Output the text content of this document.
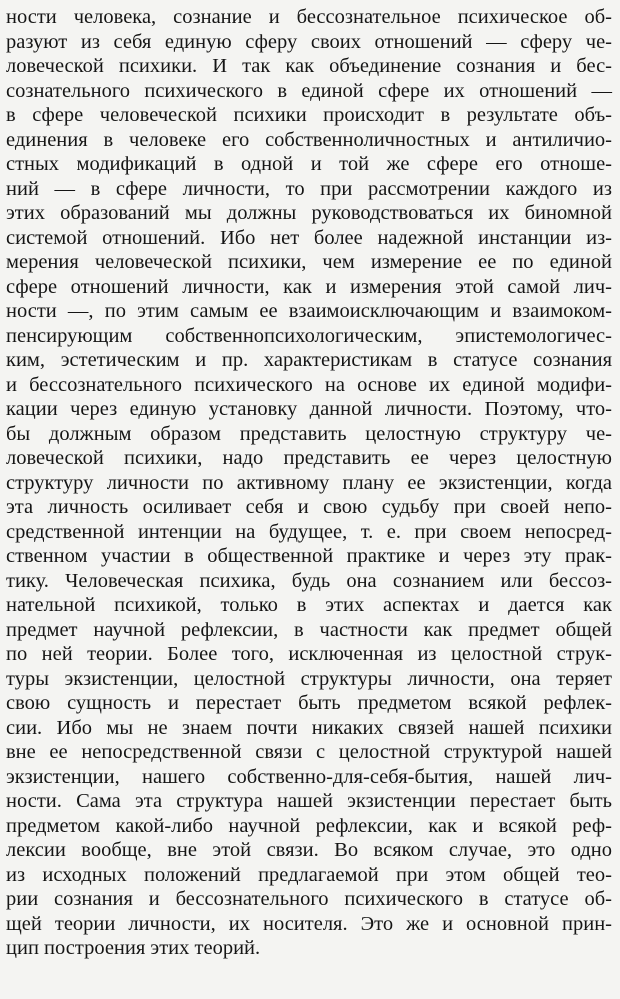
ности человека, сознание и бессознательное психическое об-
разуют из себя единую сферу своих отношений — сферу че-
ловеческой психики. И так как объединение сознания и бес-
сознательного психического в единой сфере их отношений —
в сфере человеческой психики происходит в результате объ-
единения в человеке его собственноличностных и антиличио-
стных модификаций в одной и той же сфере его отноше-
ний — в сфере личности, то при рассмотрении каждого из
этих образований мы должны руководствоваться их биномной
системой отношений. Ибо нет более надежной инстанции из-
мерения человеческой психики, чем измерение ее по единой
сфере отношений личности, как и измерения этой самой лич-
ности —, по этим самым ее взаимоисключающим и взаимоком-
пенсирующим собственнопсихологическим, эпистемологичес-
ким, эстетическим и пр. характеристикам в статусе сознания
и бессознательного психического на основе их единой модифи-
кации через единую установку данной личности. Поэтому, что-
бы должным образом представить целостную структуру че-
ловеческой психики, надо представить ее через целостную
структуру личности по активному плану ее экзистенции, когда
эта личность осиливает себя и свою судьбу при своей непо-
средственной интенции на будущее, т. е. при своем непосред-
ственном участии в общественной практике и через эту прак-
тику. Человеческая психика, будь она сознанием или бессоз-
нательной психикой, только в этих аспектах и дается как
предмет научной рефлексии, в частности как предмет общей
по ней теории. Более того, исключенная из целостной струк-
туры экзистенции, целостной структуры личности, она теряет
свою сущность и перестает быть предметом всякой рефлек-
сии. Ибо мы не знаем почти никаких связей нашей психики
вне ее непосредственной связи с целостной структурой нашей
экзистенции, нашего собственно-для-себя-бытия, нашей лич-
ности. Сама эта структура нашей экзистенции перестает быть
предметом какой-либо научной рефлексии, как и всякой реф-
лексии вообще, вне этой связи. Во всяком случае, это одно
из исходных положений предлагаемой при этом общей тео-
рии сознания и бессознательного психического в статусе об-
щей теории личности, их носителя. Это же и основной прин-
цип построения этих теорий.
